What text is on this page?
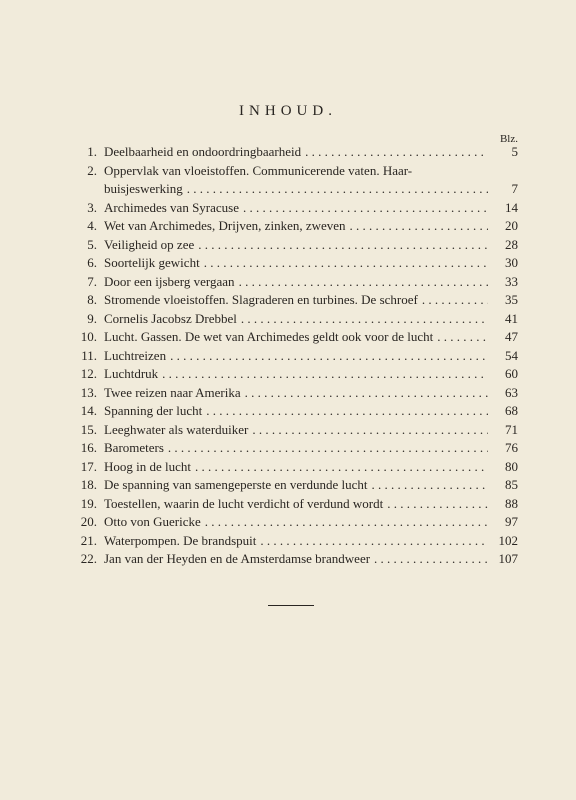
INHOUD.
Blz.
1. Deelbaarheid en ondoordringbaarheid . . .	5
2. Oppervlak van vloeistoffen. Communicerende vaten. Haar-
buisjeswerking . . .	7
3. Archimedes van Syracuse . . .	14
4. Wet van Archimedes, Drijven, zinken, zweven . . .	20
5. Veiligheid op zee . . .	28
6. Soortelijk gewicht . . .	30
7. Door een ijsberg vergaan . . .	33
8. Stromende vloeistoffen. Slagraderen en turbines. De schroef . . .	35
9. Cornelis Jacobsz Drebbel . . .	41
10. Lucht. Gassen. De wet van Archimedes geldt ook voor de lucht . . .	47
11. Luchtreizen . . .	54
12. Luchtdruk . . .	60
13. Twee reizen naar Amerika . . .	63
14. Spanning der lucht . . .	68
15. Leeghwater als waterduiker . . .	71
16. Barometers . . .	76
17. Hoog in de lucht . . .	80
18. De spanning van samengeperste en verdunde lucht . . .	85
19. Toestellen, waarin de lucht verdicht of verdund wordt . . .	88
20. Otto von Guericke . . .	97
21. Waterpompen. De brandspuit . . .	102
22. Jan van der Heyden en de Amsterdamse brandweer . . .	107
